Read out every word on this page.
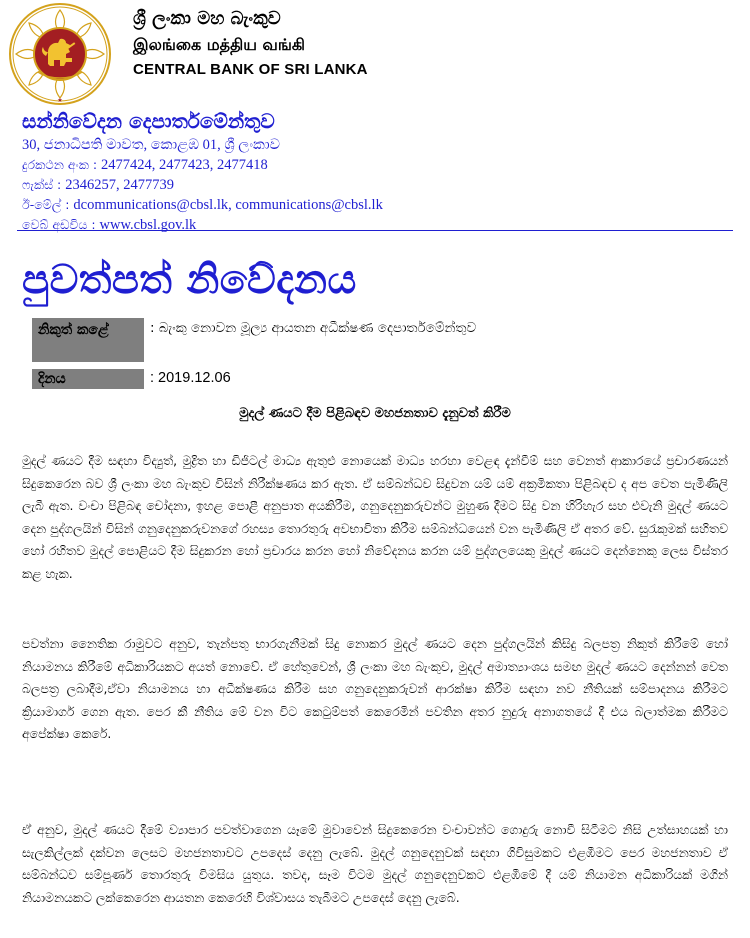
★
ශ්‍රී ලංකා මහ බැංකුව
இலங்கை மத்திய வங்கி
CENTRAL BANK OF SRI LANKA
සන්නිවේදන දෙපාර්තමේන්තුව
30, ජනාධිපති මාවත, කොළඹ 01, ශ්‍රී ලංකාව
දුරකථන අංක : 2477424, 2477423, 2477418
ෆැක්ස් : 2346257, 2477739
ඊ-මේල් : dcommunications@cbsl.lk, communications@cbsl.lk
වෙබ් අඩවිය : www.cbsl.gov.lk
පුවත්පත් නිවේදනය
නිකුත් කළේ	: බැංකු නොවන මූල්‍ය ආයතන අධීක්ෂණ දෙපාර්තමේන්තුව
දිනය	: 2019.12.06
මුදල් ණයට දීම පිළිබඳව මහජනතාව දැනුවත් කිරීම
මුදල් ණයට දීම සඳහා විද්‍යුත්, මුද්‍රිත හා ඩිජිටල් මාධ්‍ය ඇතුළු නොයෙක් මාධ්‍ය හරහා වෙළඳ දැන්වීම් සහ වෙනත් ආකාරයේ ප්‍රචාරණයන් සිදුකෙරෙන බව ශ්‍රී ලංකා මහ බැංකුව විසින් නිරීක්ෂණය කර ඇත. ඒ සම්බන්ධව සිදුවන යම් යම් අක්‍රමිකතා පිළිබඳව ද අප වෙත පැමිණිලි ලැබී ඇත. වංචා පිළිබඳ චෝදනා, ඉහළ පොළී අනුපාත අයකිරීම, ගනුදෙනුකරුවන්ට මුහුණ දීමට සිදු වන හිරිහැර සහ එවැනි මුදල් ණයට දෙන පුද්ගලයින් විසින් ගනුදෙනුකරුවනගේ රහස්‍ය තොරතුරු අවභාවිතා කිරීම සම්බන්ධයෙන් වන පැමිණිලි ඒ අතර වේ. සුරැකුමක් සහිතව හෝ රහිතව මුදල් පොළියට දීම සිදුකරන හෝ ප්‍රචාරය කරන හෝ නිවේදනය කරන යම් පුද්ගලයෙකු මුදල් ණයට දෙන්නෙකු ලෙස විස්තර කළ හැක.
පවත්නා නෛතික රාමුවට අනුව, තැන්පතු භාරගැනීමක් සිදු නොකර මුදල් ණයට දෙන පුද්ගලයින් කිසිදු බලපත්‍ර නිකුත් කිරීමේ හෝ නියාමනය කිරීමේ අධිකාරියකට අයත් නොවේ. ඒ හේතුවෙන්, ශ්‍රී ලංකා මහ බැංකුව, මුදල් අමාත්‍යාංශය සමඟ මුදල් ණයට දෙන්නන් වෙත බලපත්‍ර ලබාදීම,ඒවා නියාමනය හා අධීක්ෂණය කිරීම සහ ගනුදෙනුකරුවන් ආරක්ෂා කිරීම සඳහා නව නීතියක් සම්පාදනය කිරීමට ක්‍රියාමාර්ග ගෙන ඇත. පෙර කී නීතිය මේ වන විට කෙටුම්පත් කෙරෙමින් පවතින අතර නුදුරු අනාගතයේ දී එය බලාත්මක කිරීමට අපේක්ෂා කෙරේ.
ඒ අනුව, මුදල් ණයට දීමේ ව්‍යාපාර පවත්වාගෙන යෑමේ මුවාවෙන් සිදුකෙරෙන වංචාවන්ට ගොදුරු නොවී සිටීමට නිසි උත්සාහයක් හා සැලකිල්ලක් දක්වන ලෙසට මහජනතාවට උපදෙස් දෙනු ලැබේ. මුදල් ගනුදෙනුවක් සඳහා ගිවිසුමකට එළඹීමට පෙර මහජනතාව ඒ සම්බන්ධව සම්පූර්ණ තොරතුරු විමසිය යුතුය. තවද, සෑම විටම මුදල් ගනුදෙනුවකට එළඹීමේ දී යම් නියාමන අධිකාරියක් මගින් නියාමනයකට ලක්කෙරෙන ආයතන කෙරෙහි විශ්වාසය තැබීමට උපදෙස් දෙනු ලැබේ.
